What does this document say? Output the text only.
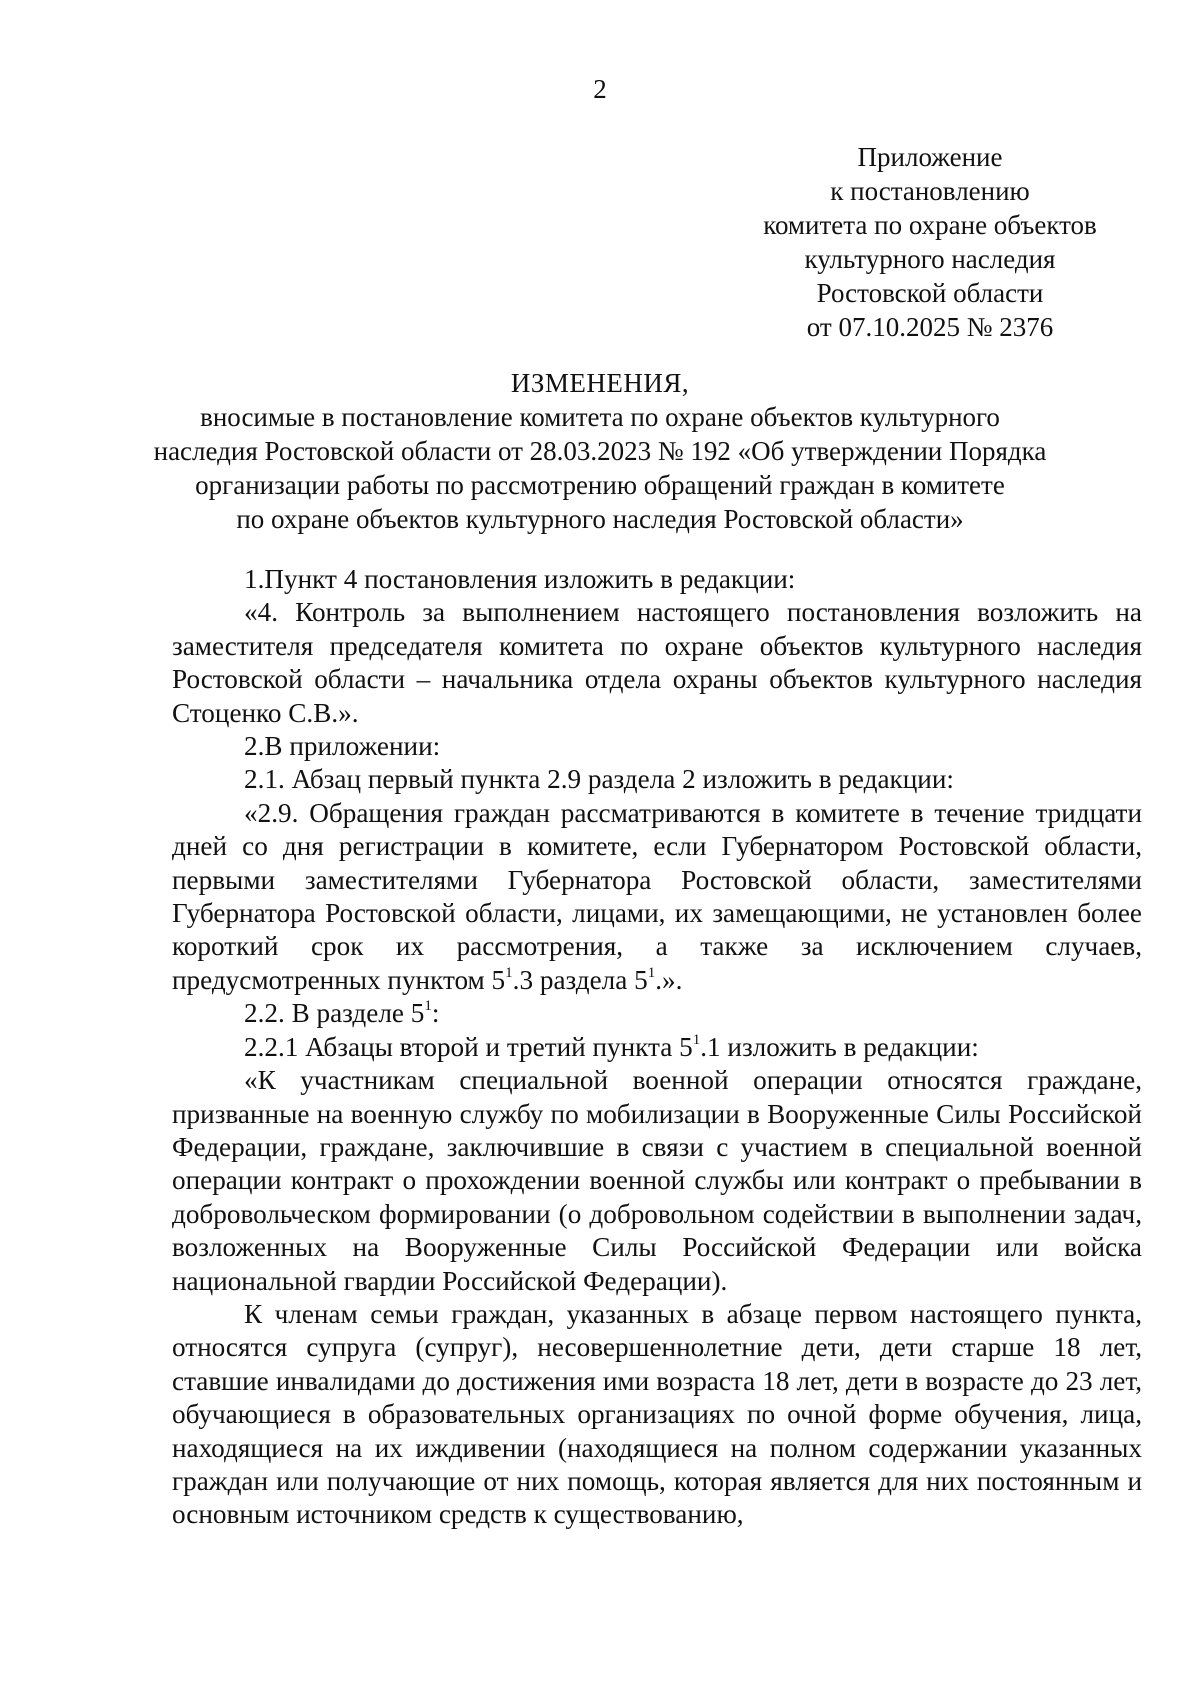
2
Приложение
к постановлению
комитета по охране объектов
культурного наследия
Ростовской области
от 07.10.2025 № 2376
ИЗМЕНЕНИЯ,
вносимые в постановление комитета по охране объектов культурного
наследия Ростовской области от 28.03.2023 № 192 «Об утверждении Порядка
организации работы по рассмотрению обращений граждан в комитете
по охране объектов культурного наследия Ростовской области»

1.Пункт 4 постановления изложить в редакции:

«4. Контроль за выполнением настоящего постановления возложить на заместителя председателя комитета по охране объектов культурного наследия Ростовской области – начальника отдела охраны объектов культурного наследия Стоценко С.В.».

2.В приложении:

2.1. Абзац первый пункта 2.9 раздела 2 изложить в редакции:

«2.9. Обращения граждан рассматриваются в комитете в течение тридцати дней со дня регистрации в комитете, если Губернатором Ростовской области, первыми заместителями Губернатора Ростовской области, заместителями Губернатора Ростовской области, лицами, их замещающими, не установлен более короткий срок их рассмотрения, а также за исключением случаев, предусмотренных пунктом $5^1.3$ раздела $5^1$.».

2.2. В разделе $5^1$:

2.2.1 Абзацы второй и третий пункта $5^1.1$ изложить в редакции:

«К участникам специальной военной операции относятся граждане, призванные на военную службу по мобилизации в Вооруженные Силы Российской Федерации, граждане, заключившие в связи с участием в специальной военной операции контракт о прохождении военной службы или контракт о пребывании в добровольческом формировании (о добровольном содействии в выполнении задач, возложенных на Вооруженные Силы Российской Федерации или войска национальной гвардии Российской Федерации).

К членам семьи граждан, указанных в абзаце первом настоящего пункта, относятся супруга (супруг), несовершеннолетние дети, дети старше 18 лет, ставшие инвалидами до достижения ими возраста 18 лет, дети в возрасте до 23 лет, обучающиеся в образовательных организациях по очной форме обучения, лица, находящиеся на их иждивении (находящиеся на полном содержании указанных граждан или получающие от них помощь, которая является для них постоянным и основным источником средств к существованию,
